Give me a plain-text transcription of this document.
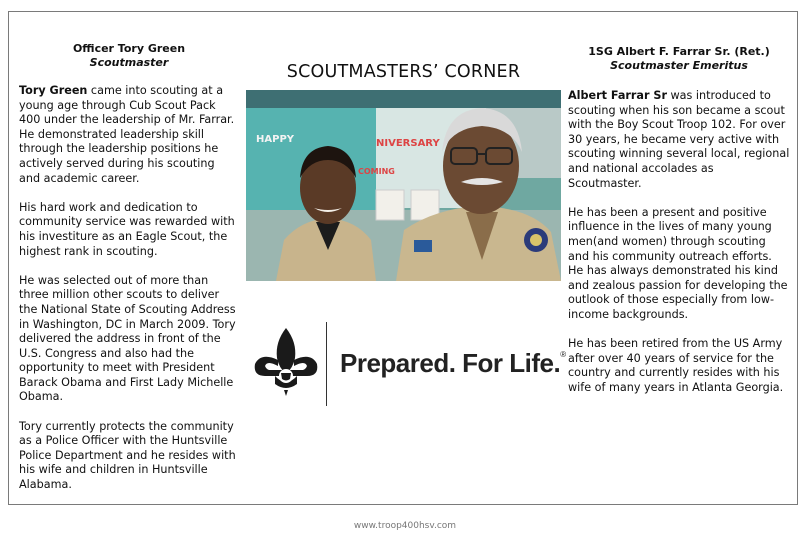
Officer Tory Green
Scoutmaster

Tory Green came into scouting at a young age through Cub Scout Pack 400 under the leadership of Mr. Farrar. He demonstrated leadership skill through the leadership positions he actively served during his scouting and academic career.

His hard work and dedication to community service was rewarded with his investiture as an Eagle Scout, the highest rank in scouting.

He was selected out of more than three million other scouts to deliver the National State of Scouting Address in Washington, DC in March 2009. Tory delivered the address in front of the U.S. Congress and also had the opportunity to meet with President Barack Obama and First Lady Michelle Obama.

Tory currently protects the community as a Police Officer with the Huntsville Police Department and he resides with his wife and children in Huntsville Alabama.

SCOUTMASTERS’ CORNER
HAPPY	NIVERSARY
COMING
Prepared. For Life.®
1SG Albert F. Farrar Sr. (Ret.)
Scoutmaster Emeritus

Albert Farrar Sr was introduced to scouting when his son became a scout with the Boy Scout Troop 102. For over 30 years, he became very active with scouting winning several local, regional and national accolades as Scoutmaster.

He has been a present and positive influence in the lives of many young men(and women) through scouting and his community outreach efforts. He has always demonstrated his kind and zealous passion for developing the outlook of those especially from low-income backgrounds.

He has been retired from the US Army after over 40 years of service for the country and currently resides with his wife of many years in Atlanta Georgia.

www.troop400hsv.com
